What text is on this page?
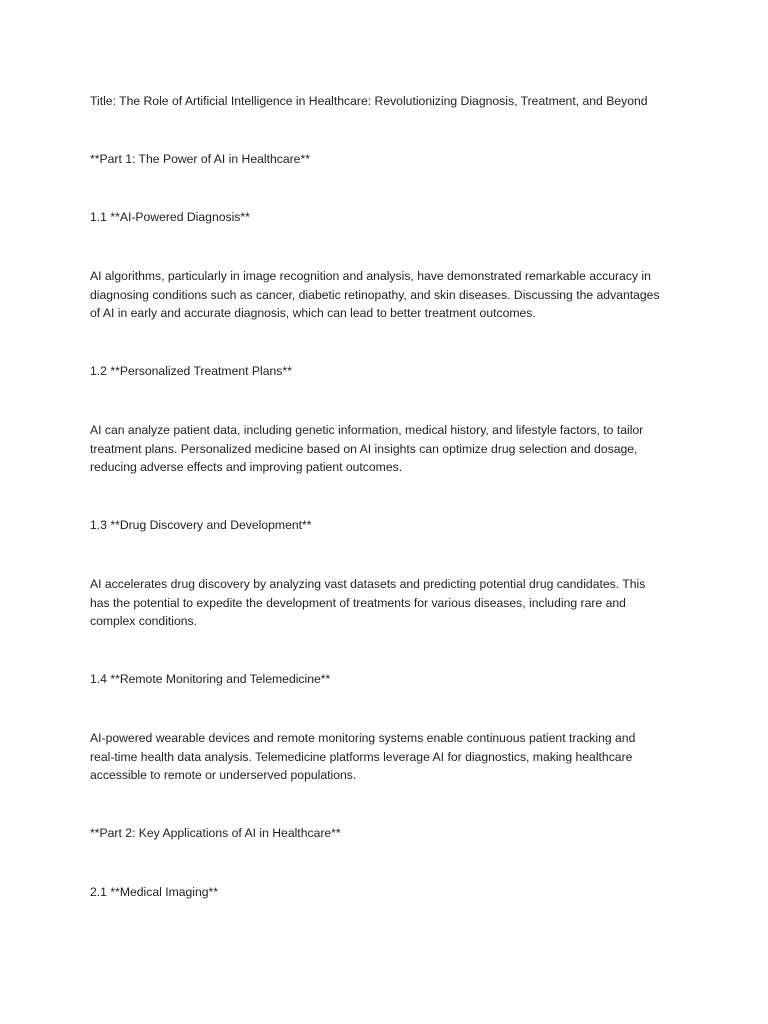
Title: The Role of Artificial Intelligence in Healthcare: Revolutionizing Diagnosis, Treatment, and Beyond

**Part 1: The Power of AI in Healthcare**

1.1 **AI-Powered Diagnosis**

AI algorithms, particularly in image recognition and analysis, have demonstrated remarkable accuracy in
diagnosing conditions such as cancer, diabetic retinopathy, and skin diseases. Discussing the advantages
of AI in early and accurate diagnosis, which can lead to better treatment outcomes.

1.2 **Personalized Treatment Plans**

AI can analyze patient data, including genetic information, medical history, and lifestyle factors, to tailor
treatment plans. Personalized medicine based on AI insights can optimize drug selection and dosage,
reducing adverse effects and improving patient outcomes.

1.3 **Drug Discovery and Development**

AI accelerates drug discovery by analyzing vast datasets and predicting potential drug candidates. This
has the potential to expedite the development of treatments for various diseases, including rare and
complex conditions.

1.4 **Remote Monitoring and Telemedicine**

AI-powered wearable devices and remote monitoring systems enable continuous patient tracking and
real-time health data analysis. Telemedicine platforms leverage AI for diagnostics, making healthcare
accessible to remote or underserved populations.

**Part 2: Key Applications of AI in Healthcare**

2.1 **Medical Imaging**
